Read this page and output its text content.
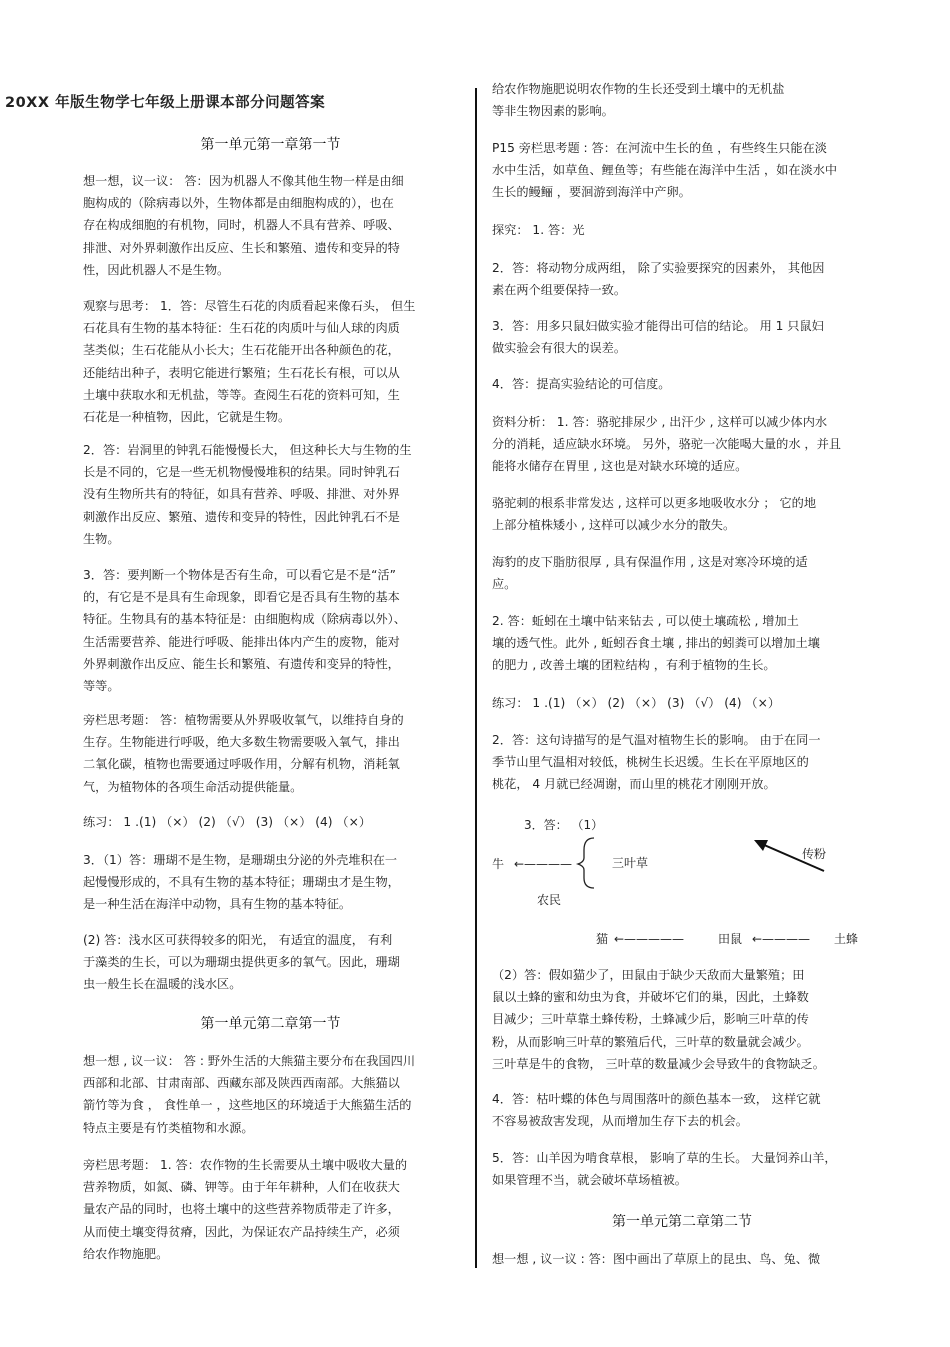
20XX 年版生物学七年级上册课本部分问题答案
第一单元第一章第一节
想一想，议一议： 答：因为机器人不像其他生物一样是由细
胞构成的（除病毒以外，生物体都是由细胞构成的），也在
存在构成细胞的有机物，同时，机器人不具有营养、呼吸、
排泄、对外界刺激作出反应、生长和繁殖、遗传和变异的特
性，因此机器人不是生物。
观察与思考： 1．答：尽管生石花的肉质看起来像石头， 但生
石花具有生物的基本特征：生石花的肉质叶与仙人球的肉质
茎类似；生石花能从小长大；生石花能开出各种颜色的花，
还能结出种子，表明它能进行繁殖；生石花长有根，可以从
土壤中获取水和无机盐，等等。查阅生石花的资料可知，生
石花是一种植物，因此，它就是生物。
2．答：岩洞里的钟乳石能慢慢长大， 但这种长大与生物的生
长是不同的，它是一些无机物慢慢堆积的结果。同时钟乳石
没有生物所共有的特征，如具有营养、呼吸、排泄、对外界
刺激作出反应、繁殖、遗传和变异的特性，因此钟乳石不是
生物。
3．答：要判断一个物体是否有生命，可以看它是不是“活”
的，有它是不是具有生命现象，即看它是否具有生物的基本
特征。生物具有的基本特征是：由细胞构成（除病毒以外）、
生活需要营养、能进行呼吸、能排出体内产生的废物，能对
外界刺激作出反应、能生长和繁殖、有遗传和变异的特性，
等等。
旁栏思考题： 答：植物需要从外界吸收氧气，以维持自身的
生存。生物能进行呼吸，绝大多数生物需要吸入氧气，排出
二氧化碳，植物也需要通过呼吸作用，分解有机物，消耗氧
气，为植物体的各项生命活动提供能量。
练习： 1 .(1) （×） (2) （√） (3) （×） (4) （×）
3．（1）答：珊瑚不是生物，是珊瑚虫分泌的外壳堆积在一
起慢慢形成的，不具有生物的基本特征；珊瑚虫才是生物，
是一种生活在海洋中动物，具有生物的基本特征。
(2) 答：浅水区可获得较多的阳光， 有适宜的温度， 有利
于藻类的生长，可以为珊瑚虫提供更多的氧气。因此，珊瑚
虫一般生长在温暖的浅水区。
第一单元第二章第一节
想一想 , 议一议： 答 : 野外生活的大熊猫主要分布在我国四川
西部和北部、甘肃南部、西藏东部及陕西西南部。大熊猫以
箭竹等为食 ， 食性单一 ，这些地区的环境适于大熊猫生活的
特点主要是有竹类植物和水源。
旁栏思考题： 1. 答：农作物的生长需要从土壤中吸收大量的
营养物质，如氮、磷、钾等。由于年年耕种，人们在收获大
量农产品的同时，也将土壤中的这些营养物质带走了许多，
从而使土壤变得贫瘠，因此，为保证农产品持续生产，必须
给农作物施肥。
给农作物施肥说明农作物的生长还受到土壤中的无机盐
等非生物因素的影响。
P15 旁栏思考题 : 答：在河流中生长的鱼 ，有些终生只能在淡
水中生活，如草鱼、鲤鱼等；有些能在海洋中生活 ，如在淡水中
生长的鳗鲡 ，要洄游到海洋中产卵。
探究： 1. 答：光
2．答：将动物分成两组， 除了实验要探究的因素外， 其他因
素在两个组要保持一致。
3．答：用多只鼠妇做实验才能得出可信的结论。 用 1 只鼠妇
做实验会有很大的误差。
4．答：提高实验结论的可信度。
资料分析： 1. 答：骆驼排尿少 , 出汗少 , 这样可以减少体内水
分的消耗，适应缺水环境。 另外，骆驼一次能喝大量的水 ，并且
能将水储存在胃里 , 这也是对缺水环境的适应。
骆驼刺的根系非常发达 , 这样可以更多地吸收水分 ； 它的地
上部分植株矮小 , 这样可以减少水分的散失。
海豹的皮下脂肪很厚 , 具有保温作用 , 这是对寒冷环境的适
应。
2. 答：蚯蚓在土壤中钻来钻去 , 可以使土壤疏松 , 增加土
壤的透气性。此外 , 蚯蚓吞食土壤 , 排出的蚓粪可以增加土壤
的肥力 , 改善土壤的团粒结构 ，有利于植物的生长。
练习： 1 .(1) （×） (2) （×） (3) （√） (4) （×）
2．答：这句诗描写的是气温对植物生长的影响。 由于在同一
季节山里气温相对较低，桃树生长迟缓。生长在平原地区的
桃花， 4 月就已经凋谢，而山里的桃花才刚刚开放。
3．答： （1）
牛 ←————	三叶草
农民
传粉
猫 ←—————	田鼠 ←———— 土蜂
（2）答：假如猫少了，田鼠由于缺少天敌而大量繁殖；田
鼠以土蜂的蜜和幼虫为食，并破坏它们的巢，因此，土蜂数
目减少；三叶草靠土蜂传粉，土蜂减少后，影响三叶草的传
粉，从而影响三叶草的繁殖后代，三叶草的数量就会减少。
三叶草是牛的食物， 三叶草的数量减少会导致牛的食物缺乏。
4．答：枯叶蝶的体色与周围落叶的颜色基本一致， 这样它就
不容易被敌害发现，从而增加生存下去的机会。
5．答：山羊因为啃食草根， 影响了草的生长。 大量饲养山羊，
如果管理不当，就会破坏草场植被。
第一单元第二章第二节
想一想 , 议一议 : 答：图中画出了草原上的昆虫、鸟、兔、微
